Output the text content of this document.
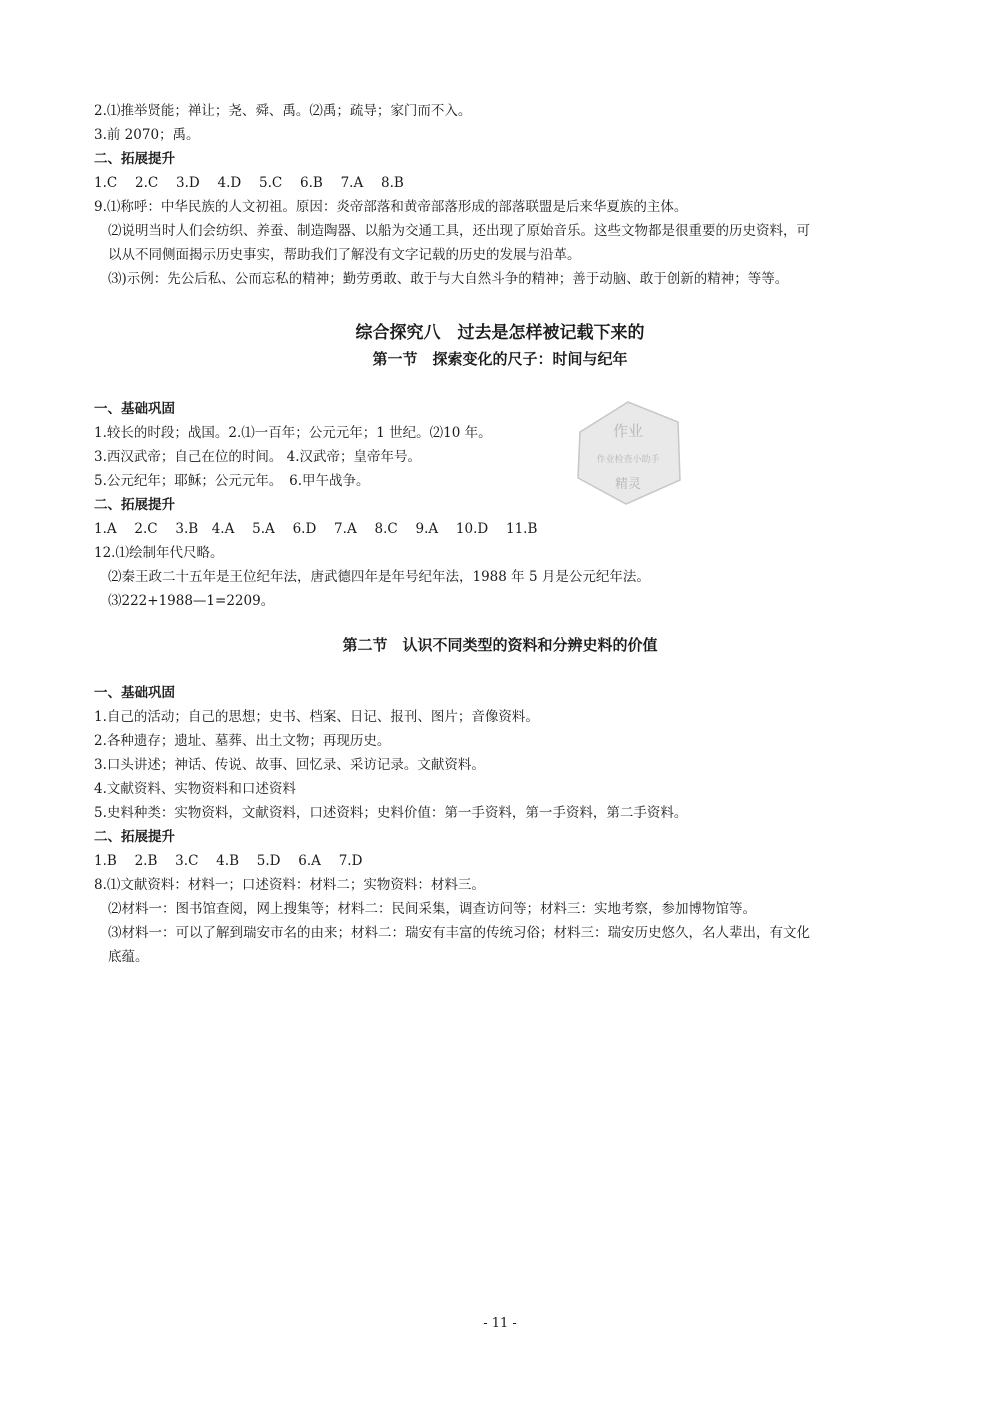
2.⑴推举贤能；禅让；尧、舜、禹。⑵禹；疏导；家门而不入。
3.前 2070；禹。
二、拓展提升
1.C　 2.C　 3.D　 4.D　 5.C　 6.B　 7.A　 8.B
9.⑴称呼：中华民族的人文初祖。原因：炎帝部落和黄帝部落形成的部落联盟是后来华夏族的主体。
⑵说明当时人们会纺织、养蚕、制造陶器、以船为交通工具，还出现了原始音乐。这些文物都是很重要的历史资料，可
以从不同侧面揭示历史事实，帮助我们了解没有文字记载的历史的发展与沿革。
⑶)示例：先公后私、公而忘私的精神；勤劳勇敢、敢于与大自然斗争的精神；善于动脑、敢于创新的精神；等等。
综合探究八　过去是怎样被记载下来的
第一节　探索变化的尺子：时间与纪年
一、基础巩固
1.较长的时段；战国。2.⑴一百年；公元元年；1 世纪。⑵10 年。
3.西汉武帝；自己在位的时间。 4.汉武帝；皇帝年号。
5.公元纪年；耶稣；公元元年。　6.甲午战争。
二、拓展提升
1.A　 2.C　 3.B　4.A　 5.A　 6.D　 7.A　 8.C　 9.A　 10.D　 11.B
12.⑴绘制年代尺略。
⑵秦王政二十五年是王位纪年法，唐武德四年是年号纪年法，1988 年 5 月是公元纪年法。
⑶222+1988—1=2209。
第二节　认识不同类型的资料和分辨史料的价值
一、基础巩固
1.自己的活动；自己的思想；史书、档案、日记、报刊、图片；音像资料。
2.各种遗存；遗址、墓葬、出土文物；再现历史。
3.口头讲述；神话、传说、故事、回忆录、采访记录。文献资料。
4.文献资料、实物资料和口述资料
5.史料种类：实物资料，文献资料，口述资料；史料价值：第一手资料，第一手资料，第二手资料。
二、拓展提升
1.B　 2.B　 3.C　 4.B　 5.D　 6.A　 7.D
8.⑴文献资料：材料一；口述资料：材料二；实物资料：材料三。
⑵材料一：图书馆查阅，网上搜集等；材料二：民间采集，调查访问等；材料三：实地考察，参加博物馆等。
⑶材料一：可以了解到瑞安市名的由来；材料二：瑞安有丰富的传统习俗；材料三：瑞安历史悠久，名人辈出，有文化
底蕴。
作业
作业检查小助手
精灵
- 11 -
